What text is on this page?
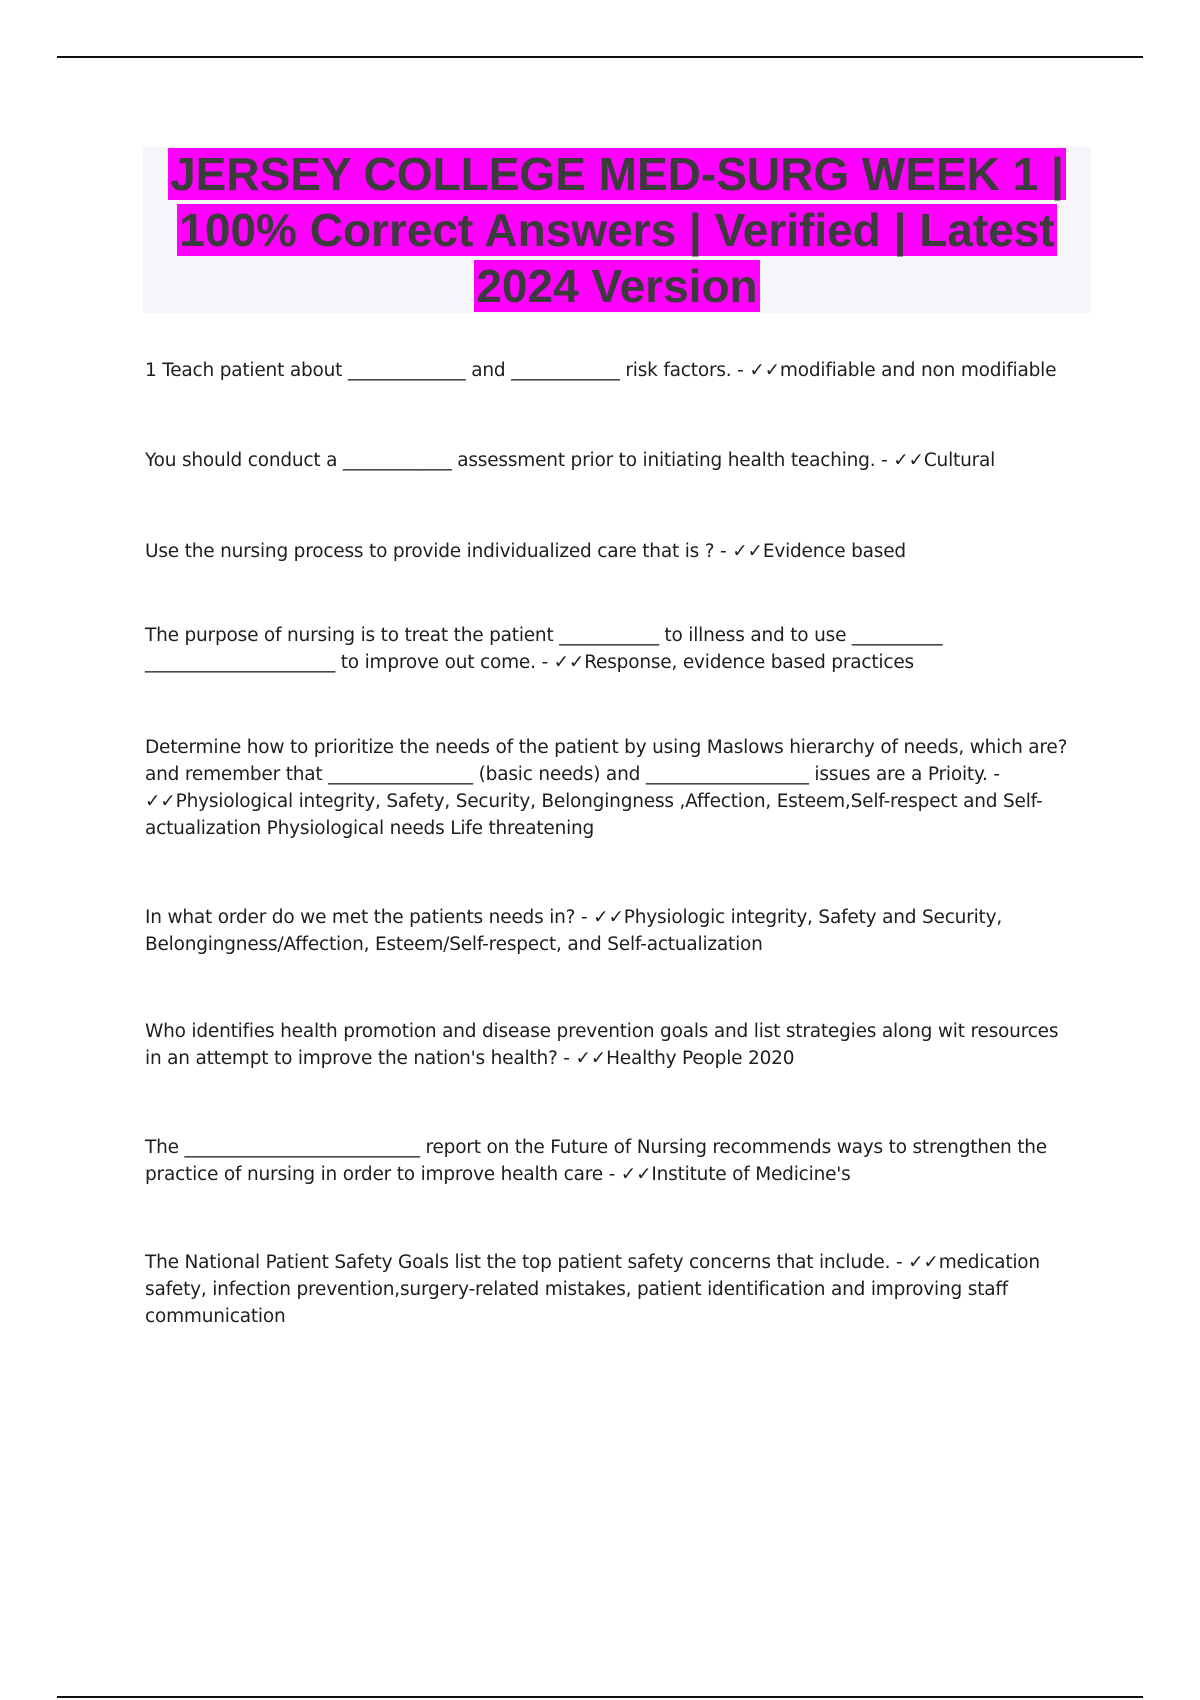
JERSEY COLLEGE MED-SURG WEEK 1 | 100% Correct Answers | Verified | Latest 2024 Version

1 Teach patient about _____________ and ____________ risk factors. - ✓✓modifiable and non modifiable

You should conduct a ____________ assessment prior to initiating health teaching. - ✓✓Cultural

Use the nursing process to provide individualized care that is ? - ✓✓Evidence based

The purpose of nursing is to treat the patient ___________ to illness and to use __________ _____________________ to improve out come. - ✓✓Response, evidence based practices

Determine how to prioritize the needs of the patient by using Maslows hierarchy of needs, which are? and remember that ________________ (basic needs) and __________________ issues are a Prioity. - ✓✓Physiological integrity, Safety, Security, Belongingness ,Affection, Esteem,Self-respect and Self-actualization Physiological needs Life threatening

In what order do we met the patients needs in? - ✓✓Physiologic integrity, Safety and Security, Belongingness/Affection, Esteem/Self-respect, and Self-actualization

Who identifies health promotion and disease prevention goals and list strategies along wit resources in an attempt to improve the nation's health? - ✓✓Healthy People 2020

The __________________________ report on the Future of Nursing recommends ways to strengthen the practice of nursing in order to improve health care - ✓✓Institute of Medicine's

The National Patient Safety Goals list the top patient safety concerns that include. - ✓✓medication safety, infection prevention,surgery-related mistakes, patient identification and improving staff communication
